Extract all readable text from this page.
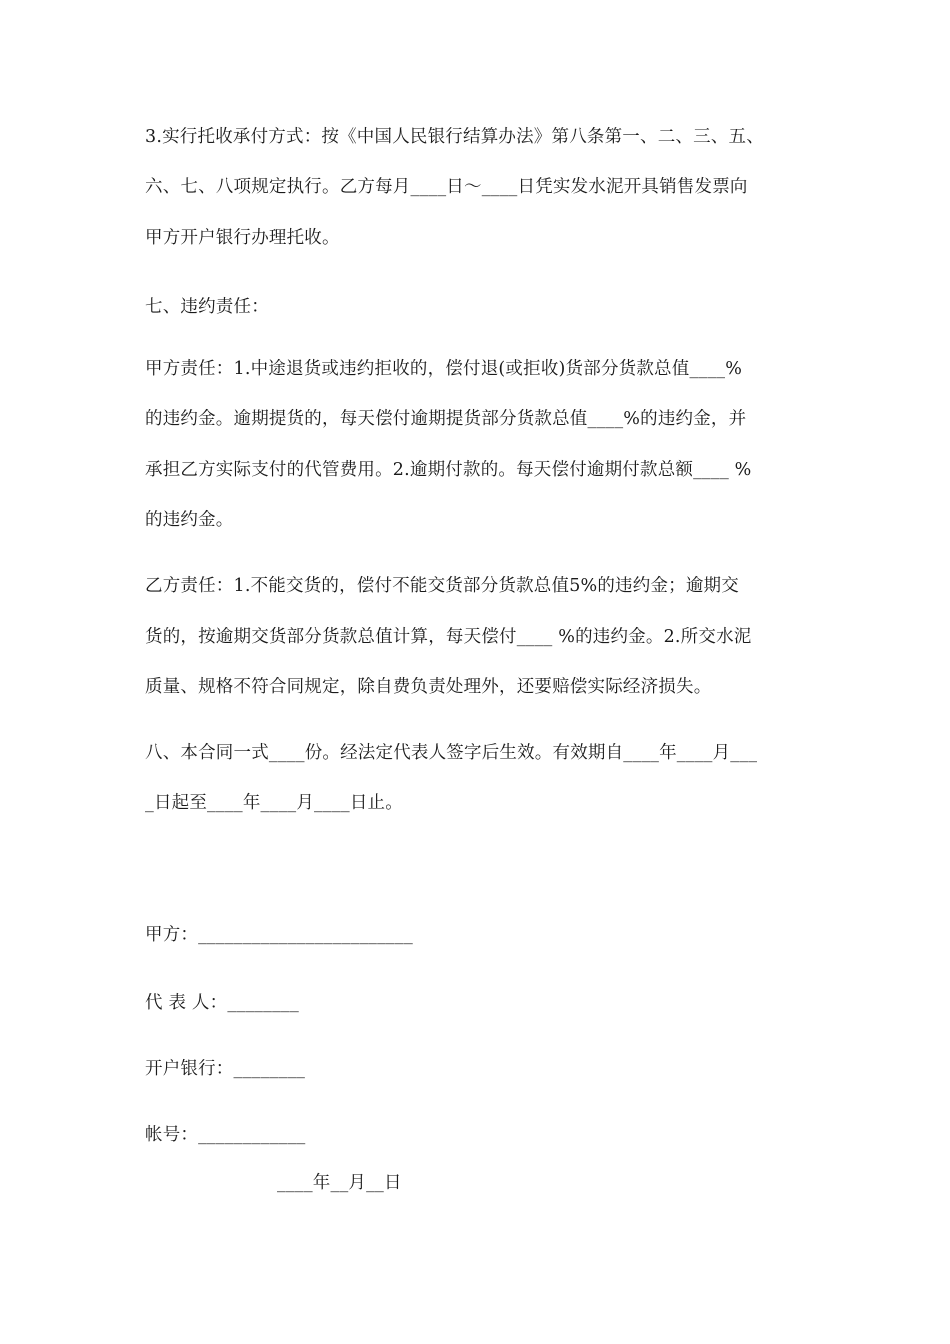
3.实行托收承付方式：按《中国人民银行结算办法》第八条第一、二、三、五、
六、七、八项规定执行。乙方每月____日～____日凭实发水泥开具销售发票向
甲方开户银行办理托收。
七、违约责任：
甲方责任：1.中途退货或违约拒收的，偿付退(或拒收)货部分货款总值____%
的违约金。逾期提货的，每天偿付逾期提货部分货款总值____%的违约金，并
承担乙方实际支付的代管费用。2.逾期付款的。每天偿付逾期付款总额____ %
的违约金。
乙方责任：1.不能交货的，偿付不能交货部分货款总值5%的违约金；逾期交
货的，按逾期交货部分货款总值计算，每天偿付____ %的违约金。2.所交水泥
质量、规格不符合同规定，除自费负责处理外，还要赔偿实际经济损失。
八、本合同一式____份。经法定代表人签字后生效。有效期自____年____月___
_日起至____年____月____日止。
甲方：________________________
代 表 人：________
开户银行：________
帐号：____________
____年__月__日
